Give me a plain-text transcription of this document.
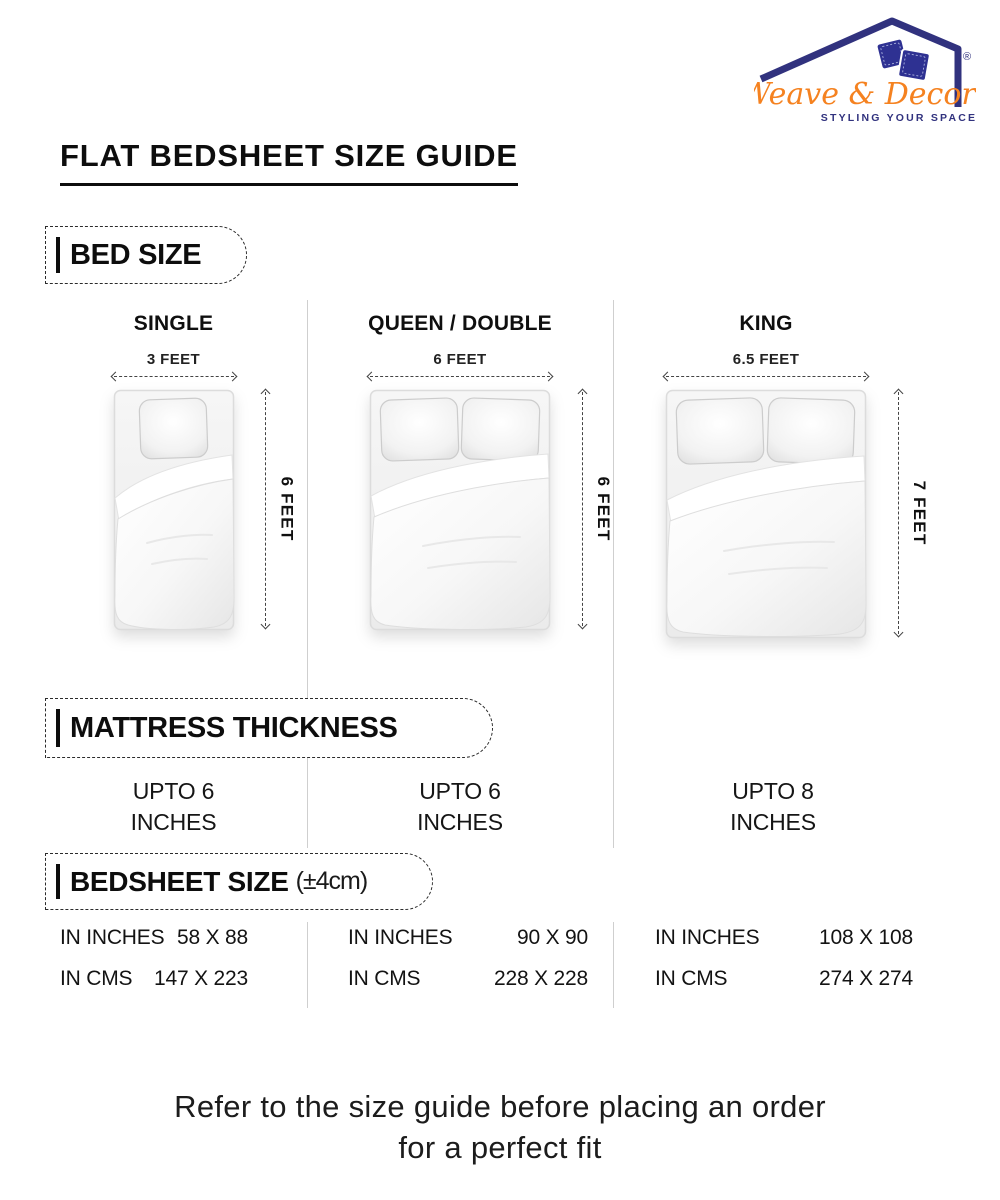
®
Weave & Decor
STYLING YOUR SPACE
FLAT BEDSHEET SIZE GUIDE
BED SIZE
SINGLE
3 FEET
6 FEET
QUEEN / DOUBLE
6 FEET
6 FEET
KING
6.5 FEET
7 FEET
MATTRESS THICKNESS
UPTO 6
INCHES
UPTO 6
INCHES
UPTO 8
INCHES
BEDSHEET SIZE (±4cm)
IN INCHES 58 X 88
IN CMS 147 X 223
IN INCHES	90 X 90
IN CMS	228 X 228
IN INCHES	108 X 108
IN CMS	274 X 274
Refer to the size guide before placing an order
for a perfect fit
